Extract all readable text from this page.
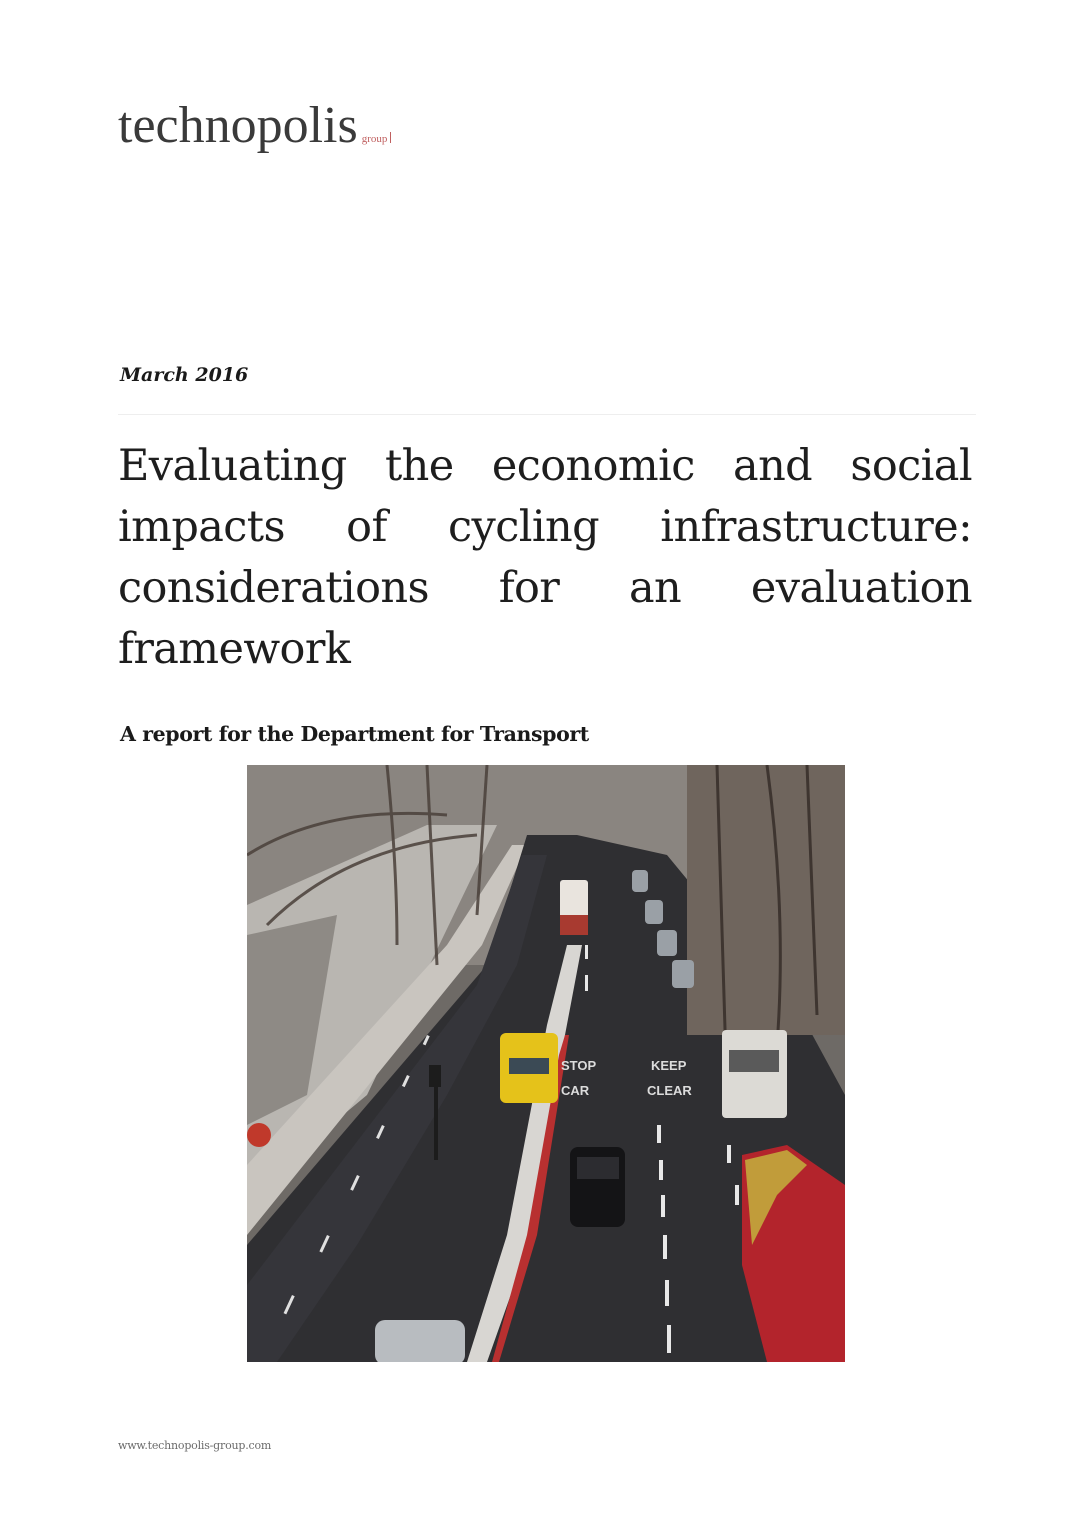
technopolis group
March 2016
Evaluating the economic and social
impacts of cycling infrastructure:
considerations for an evaluation
framework
A report for the Department for Transport
STOP
CAR
KEEP
CLEAR
www.technopolis-group.com
